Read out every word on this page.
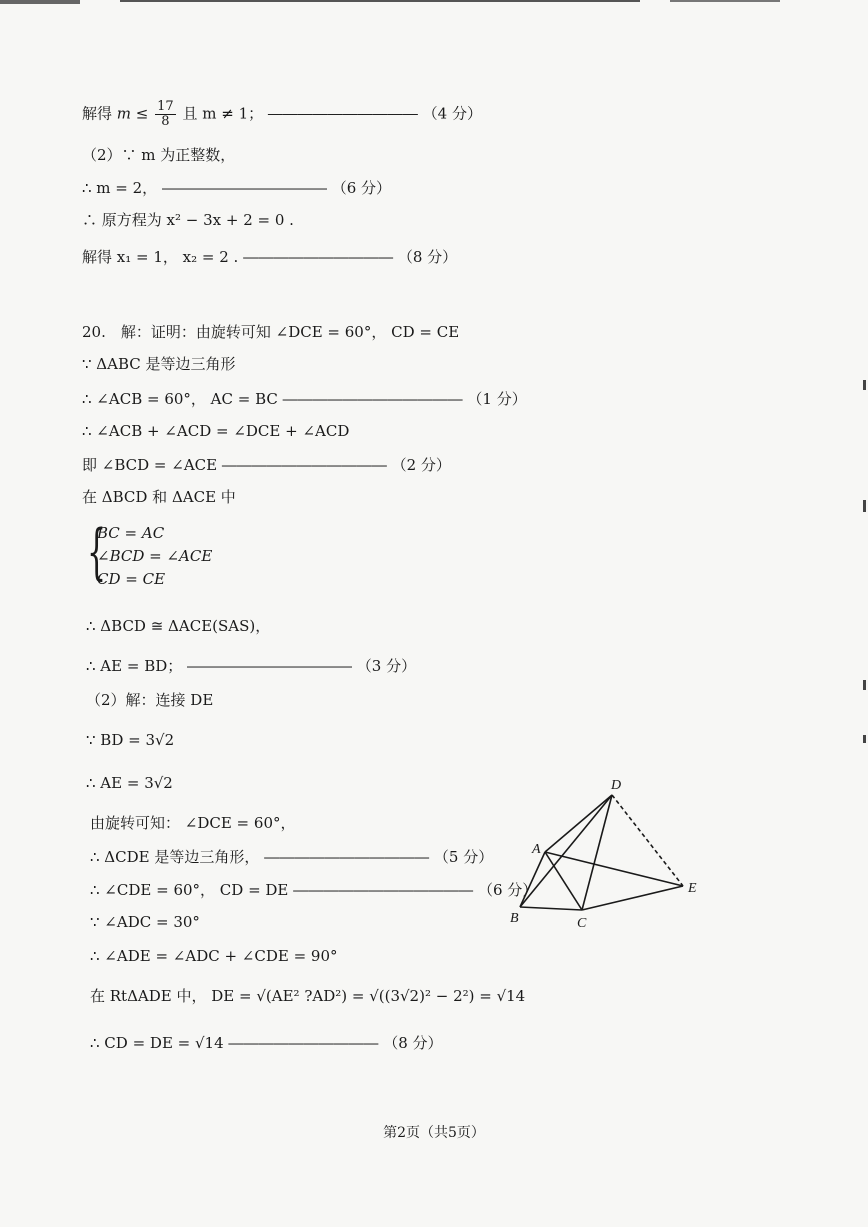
解得 $m \le \frac{17}{8}$ 且 m ≠ 1； ―――――――――― （4 分）
（2）∵ m 为正整数，
∴ m = 2， ――――――――――― （6 分）
∴ 原方程为 x² − 3x + 2 = 0 .
解得 x₁ = 1， x₂ = 2 . ―――――――――― （8 分）
20.　解：证明：由旋转可知 ∠DCE = 60°， CD = CE
∵ ΔABC 是等边三角形
∴ ∠ACB = 60°， AC = BC ―――――――――――― （1 分）
∴ ∠ACB + ∠ACD = ∠DCE + ∠ACD
即 ∠BCD = ∠ACE ――――――――――― （2 分）
在 ΔBCD 和 ΔACE 中
{
BC = AC
∠BCD = ∠ACE
CD = CE
∴ ΔBCD ≅ ΔACE(SAS)，
∴ AE = BD； ――――――――――― （3 分）
（2）解：连接 DE
∵ BD = 3√2
∴ AE = 3√2
由旋转可知： ∠DCE = 60°，
∴ ΔCDE 是等边三角形， ――――――――――― （5 分）
∴ ∠CDE = 60°， CD = DE ―――――――――――― （6 分）
∵ ∠ADC = 30°
∴ ∠ADE = ∠ADC + ∠CDE = 90°
在 RtΔADE 中， DE = √(AE² ?AD²) = √((3√2)² − 2²) = √14
∴ CD = DE = √14 ―――――――――― （8 分）
D
A
B	C
E
第2页（共5页）
